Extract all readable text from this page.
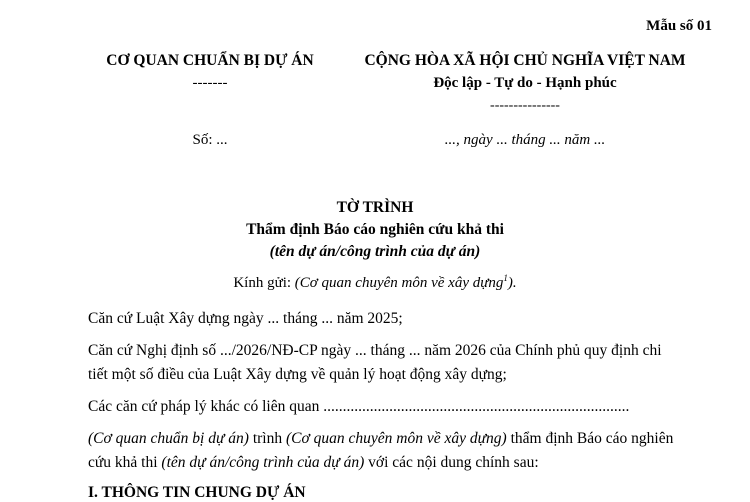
Mẫu số 01
CƠ QUAN CHUẨN BỊ DỰ ÁN
-------
CỘNG HÒA XÃ HỘI CHỦ NGHĨA VIỆT NAM
Độc lập - Tự do - Hạnh phúc
---------------
Số: ...	..., ngày ... tháng ... năm ...
TỜ TRÌNH
Thẩm định Báo cáo nghiên cứu khả thi
(tên dự án/công trình của dự án)
Kính gửi: (Cơ quan chuyên môn về xây dựng$^1$).
Căn cứ Luật Xây dựng ngày ... tháng ... năm 2025;
Căn cứ Nghị định số .../2026/NĐ-CP ngày ... tháng ... năm 2026 của Chính phủ quy định chi
tiết một số điều của Luật Xây dựng về quản lý hoạt động xây dựng;
Các căn cứ pháp lý khác có liên quan ...............................................................................
(Cơ quan chuẩn bị dự án) trình (Cơ quan chuyên môn về xây dựng) thẩm định Báo cáo nghiên
cứu khả thi (tên dự án/công trình của dự án) với các nội dung chính sau:
I. THÔNG TIN CHUNG DỰ ÁN
